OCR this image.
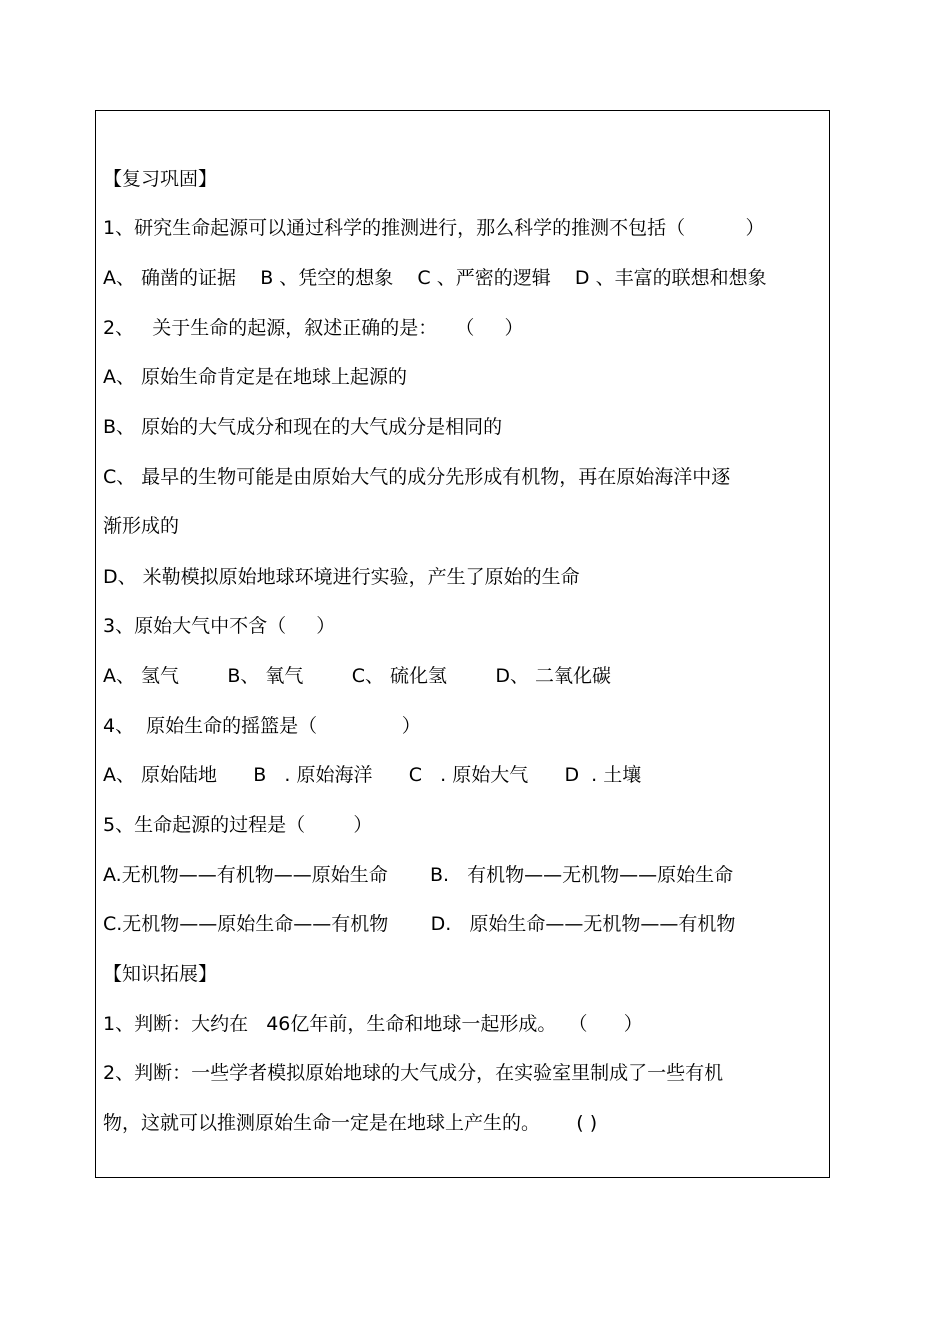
【复习巩固】
1、研究生命起源可以通过科学的推测进行，那么科学的推测不包括（          ）
A、 确凿的证据    B 、凭空的想象    C 、严密的逻辑    D 、丰富的联想和想象
2、   关于生命的起源，叙述正确的是：   （     ）
A、 原始生命肯定是在地球上起源的
B、 原始的大气成分和现在的大气成分是相同的
C、 最早的生物可能是由原始大气的成分先形成有机物，再在原始海洋中逐
渐形成的
D、 米勒模拟原始地球环境进行实验，产生了原始的生命
3、原始大气中不含（     ）
A、 氢气        B、 氧气        C、 硫化氢        D、 二氧化碳
4、  原始生命的摇篮是（              ）
A、 原始陆地      B   . 原始海洋      C   . 原始大气      D  . 土壤
5、生命起源的过程是（        ）
A.无机物——有机物——原始生命       B.   有机物——无机物——原始生命
C.无机物——原始生命——有机物       D.   原始生命——无机物——有机物
【知识拓展】
1、判断：大约在   46亿年前，生命和地球一起形成。  （      ）
2、判断：一些学者模拟原始地球的大气成分，在实验室里制成了一些有机
物，这就可以推测原始生命一定是在地球上产生的。      ( )
